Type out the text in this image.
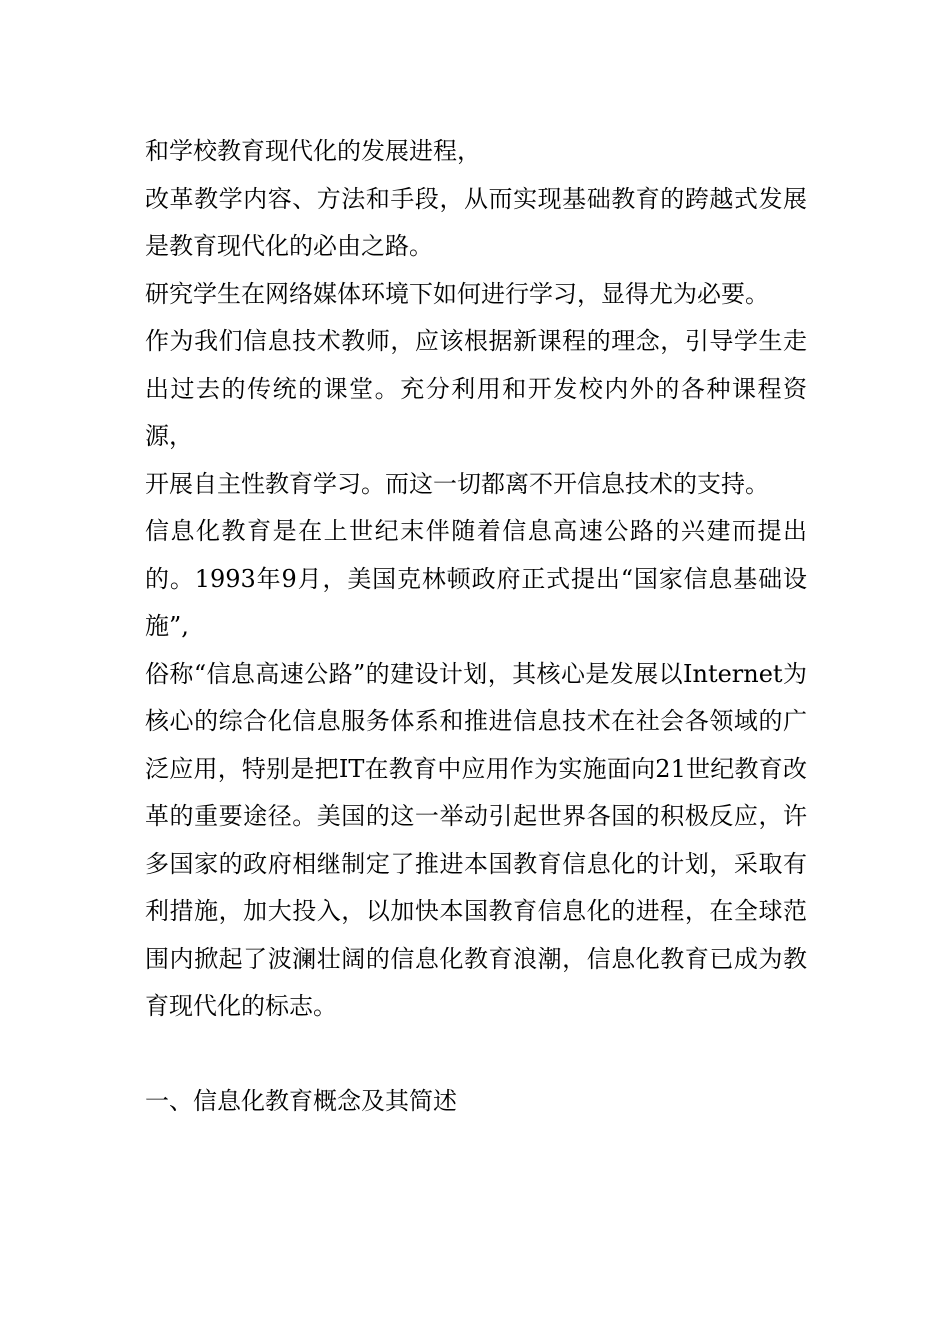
和学校教育现代化的发展进程，

改革教学内容、方法和手段，从而实现基础教育的跨越式发展是教育现代化的必由之路。

研究学生在网络媒体环境下如何进行学习，显得尤为必要。

作为我们信息技术教师，应该根据新课程的理念，引导学生走出过去的传统的课堂。充分利用和开发校内外的各种课程资源，

开展自主性教育学习。而这一切都离不开信息技术的支持。

信息化教育是在上世纪末伴随着信息高速公路的兴建而提出的。1993年9月，美国克林顿政府正式提出“国家信息基础设施”,

俗称“信息高速公路”的建设计划，其核心是发展以Internet为核心的综合化信息服务体系和推进信息技术在社会各领域的广泛应用，特别是把IT在教育中应用作为实施面向21世纪教育改革的重要途径。美国的这一举动引起世界各国的积极反应，许多国家的政府相继制定了推进本国教育信息化的计划，采取有利措施，加大投入，以加快本国教育信息化的进程，在全球范围内掀起了波澜壮阔的信息化教育浪潮，信息化教育已成为教育现代化的标志。

一、信息化教育概念及其简述
